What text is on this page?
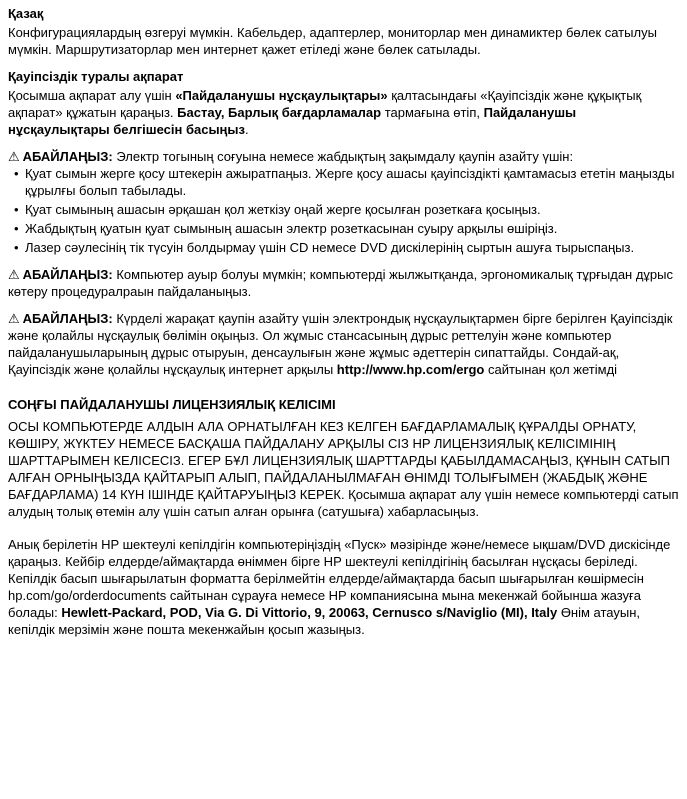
Қазақ

Конфигурациялардың өзгеруі мүмкін. Кабельдер, адаптерлер, мониторлар мен динамиктер бөлек сатылуы мүмкін. Маршрутизаторлар мен интернет қажет етіледі және бөлек сатылады.

Қауіпсіздік туралы ақпарат

Қосымша ақпарат алу үшін «Пайдаланушы нұсқаулықтары» қалтасындағы «Қауіпсіздік және құқықтық ақпарат» құжатын қараңыз. Бастау, Барлық бағдарламалар тармағына өтіп, Пайдаланушы нұсқаулықтары белгішесін басыңыз.

⚠ АБАЙЛАҢЫЗ: Электр тогының соғуына немесе жабдықтың зақымдалу қаупін азайту үшін:

• Қуат сымын жерге қосу штекерін ажыратпаңыз. Жерге қосу ашасы қауіпсіздікті қамтамасыз ететін маңызды құрылғы болып табылады.
• Қуат сымының ашасын әрқашан қол жеткізу оңай жерге қосылған розеткаға қосыңыз.
• Жабдықтың қуатын қуат сымының ашасын электр розеткасынан суыру арқылы өшіріңіз.
• Лазер сәулесінің тік түсуін болдырмау үшін CD немесе DVD дискілерінің сыртын ашуға тырыспаңыз.

⚠ АБАЙЛАҢЫЗ: Компьютер ауыр болуы мүмкін; компьютерді жылжытқанда, эргономикалық тұрғыдан дұрыс көтеру процедуралраын пайдаланыңыз.

⚠ АБАЙЛАҢЫЗ: Күрделі жарақат қаупін азайту үшін электрондық нұсқаулықтармен бірге берілген Қауіпсіздік және қолайлы нұсқаулық бөлімін оқыңыз. Ол жұмыс стансасының дұрыс реттелуін және компьютер пайдаланушыларының дұрыс отыруын, денсаулығын және жұмыс әдеттерін сипаттайды. Сондай-ақ, Қауіпсіздік және қолайлы нұсқаулық интернет арқылы http://www.hp.com/ergo сайтынан қол жетімді

СОҢҒЫ ПАЙДАЛАНУШЫ ЛИЦЕНЗИЯЛЫҚ КЕЛІСІМІ

ОСЫ КОМПЬЮТЕРДЕ АЛДЫН АЛА ОРНАТЫЛҒАН КЕЗ КЕЛГЕН БАҒДАРЛАМАЛЫҚ ҚҰРАЛДЫ ОРНАТУ, КӨШІРУ, ЖҮКТЕУ НЕМЕСЕ БАСҚАША ПАЙДАЛАНУ АРҚЫЛЫ СІЗ HP ЛИЦЕНЗИЯЛЫҚ КЕЛІСІМІНІҢ ШАРТТАРЫМЕН КЕЛІСЕСІЗ. ЕГЕР БҰЛ ЛИЦЕНЗИЯЛЫҚ ШАРТТАРДЫ ҚАБЫЛДАМАСАҢЫЗ, ҚҰНЫН САТЫП АЛҒАН ОРНЫҢЫЗДА ҚАЙТАРЫП АЛЫП, ПАЙДАЛАНЫЛМАҒАН ӨНІМДІ ТОЛЫҒЫМЕН (ЖАБДЫҚ ЖӘНЕ БАҒДАРЛАМА) 14 КҮН ІШІНДЕ ҚАЙТАРУЫҢЫЗ КЕРЕК. Қосымша ақпарат алу үшін немесе компьютерді сатып алудың толық өтемін алу үшін сатып алған орынға (сатушыға) хабарласыңыз.

Анық берілетін HP шектеулі кепілдігін компьютеріңіздің «Пуск» мәзірінде және/немесе ықшам/DVD дискісінде қараңыз. Кейбір елдерде/аймақтарда өніммен бірге HP шектеулі кепілдігінің басылған нұсқасы беріледі. Кепілдік басып шығарылатын форматта берілмейтін елдерде/аймақтарда басып шығарылған көшірмесін hp.com/go/orderdocuments сайтынан сұрауға немесе HP компаниясына мына мекенжай бойынша жазуға болады: Hewlett-Packard, POD, Via G. Di Vittorio, 9, 20063, Cernusco s/Naviglio (MI), Italy Өнім атауын, кепілдік мерзімін және пошта мекенжайын қосып жазыңыз.
